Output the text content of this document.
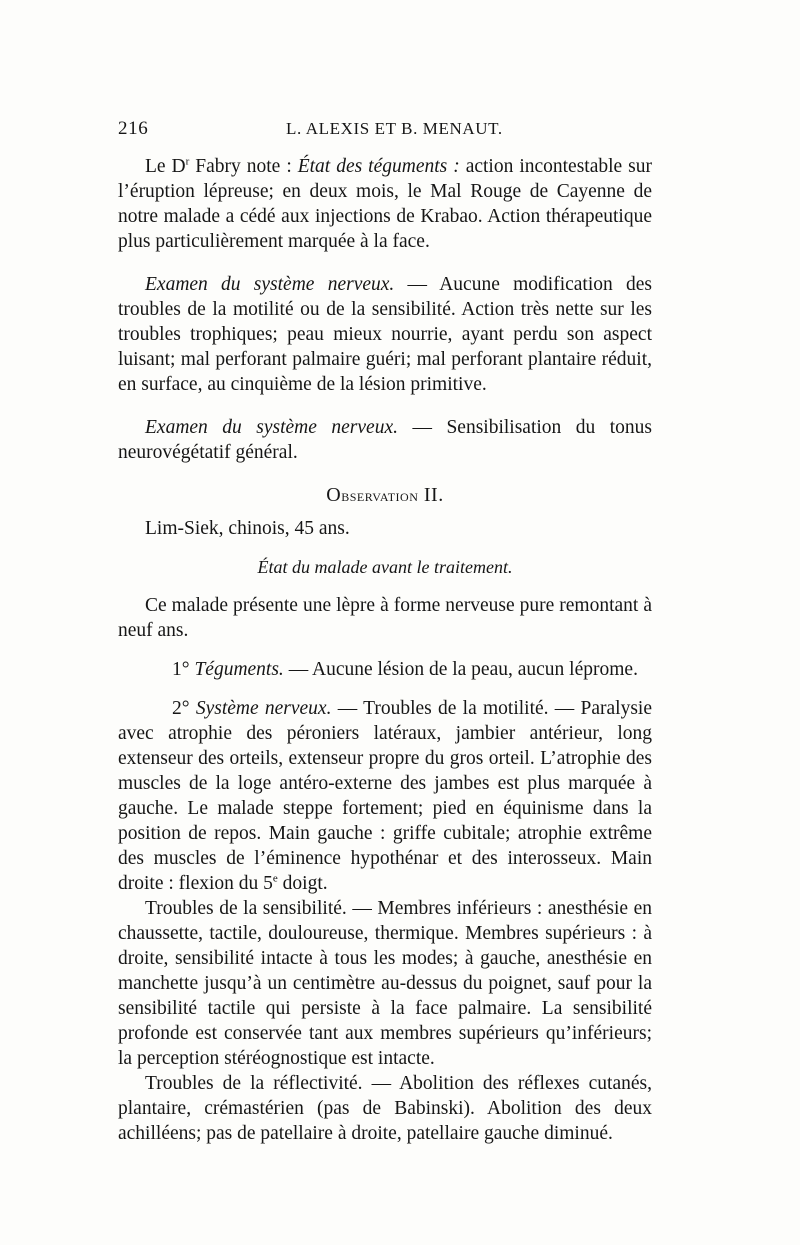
216	L. ALEXIS ET B. MENAUT.

Le $D^r$ Fabry note : État des téguments : action incontestable sur l’éruption lépreuse; en deux mois, le Mal Rouge de Cayenne de notre malade a cédé aux injections de Krabao. Action thérapeutique plus particulièrement marquée à la face.

Examen du système nerveux. — Aucune modification des troubles de la motilité ou de la sensibilité. Action très nette sur les troubles trophiques; peau mieux nourrie, ayant perdu son aspect luisant; mal perforant palmaire guéri; mal perforant plantaire réduit, en surface, au cinquième de la lésion primitive.

Examen du système nerveux. — Sensibilisation du tonus neurovégétatif général.

Observation II.

Lim-Siek, chinois, 45 ans.

État du malade avant le traitement.

Ce malade présente une lèpre à forme nerveuse pure remontant à neuf ans.

1° Téguments. — Aucune lésion de la peau, aucun lépromе.

2° Système nerveux. — Troubles de la motilité. — Paralysie avec atrophie des péroniers latéraux, jambier antérieur, long extenseur des orteils, extenseur propre du gros orteil. L’atrophie des muscles de la loge antéro-externe des jambes est plus marquée à gauche. Le malade steppe fortement; pied en équinisme dans la position de repos. Main gauche : griffe cubitale; atrophie extrême des muscles de l’éminence hypothénar et des interosseux. Main droite : flexion du 5e doigt.

Troubles de la sensibilité. — Membres inférieurs : anesthésie en chaussette, tactile, douloureuse, thermique. Membres supérieurs : à droite, sensibilité intacte à tous les modes; à gauche, anesthésie en manchette jusqu’à un centimètre au-dessus du poignet, sauf pour la sensibilité tactile qui persiste à la face palmaire. La sensibilité profonde est conservée tant aux membres supérieurs qu’inférieurs; la perception stéréognostique est intacte.

Troubles de la réflectivité. — Abolition des réflexes cutanés, plantaire, crémastérien (pas de Babinski). Abolition des deux achilléens; pas de patellaire à droite, patellaire gauche diminué.
